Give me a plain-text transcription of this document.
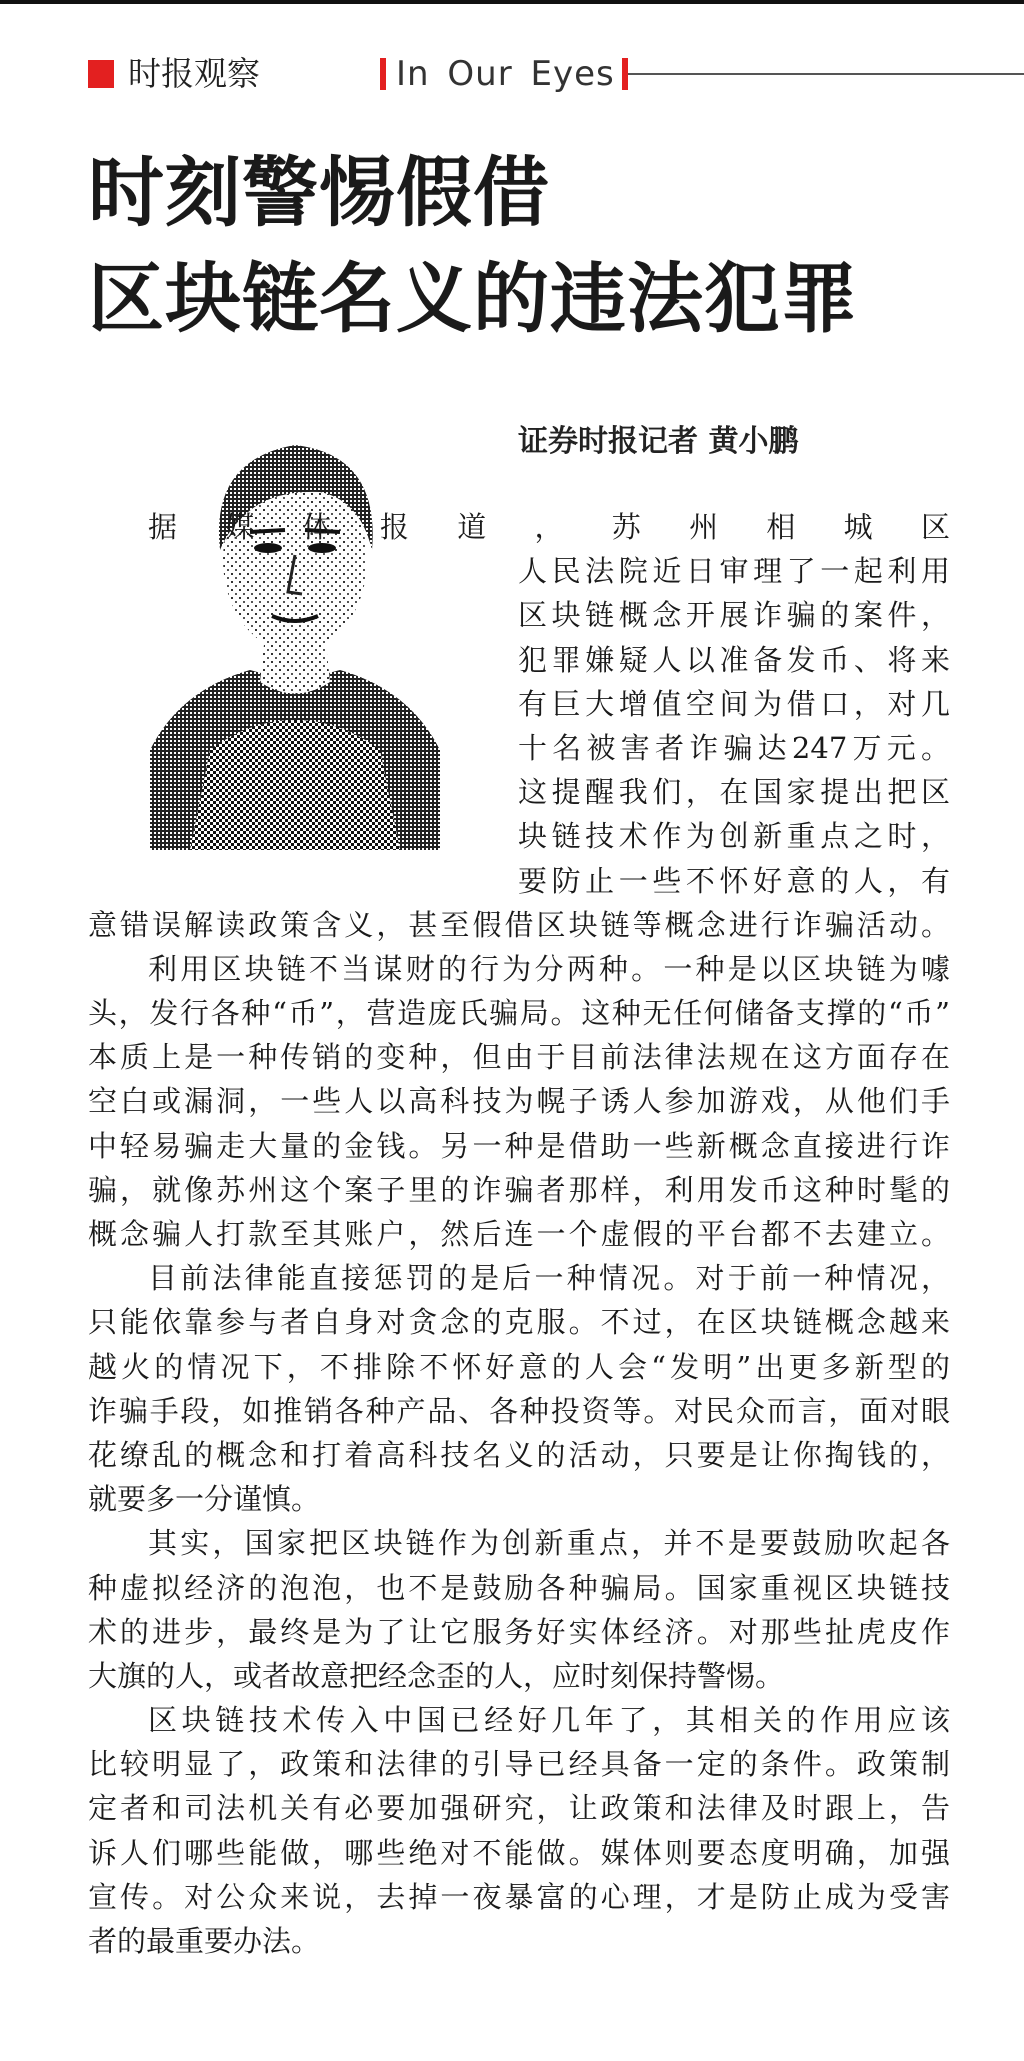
时报观察	In Our Eyes
时刻警惕假借
区块链名义的违法犯罪
证券时报记者 黄小鹏
据媒体报道，苏州相城区
人民法院近日审理了一起利用
区块链概念开展诈骗的案件，
犯罪嫌疑人以准备发币、将来
有巨大增值空间为借口，对几
十名被害者诈骗达247万元。
这提醒我们，在国家提出把区
块链技术作为创新重点之时，
要防止一些不怀好意的人，有
意错误解读政策含义，甚至假借区块链等概念进行诈骗活动。
利用区块链不当谋财的行为分两种。一种是以区块链为噱
头，发行各种“币”，营造庞氏骗局。这种无任何储备支撑的“币”
本质上是一种传销的变种，但由于目前法律法规在这方面存在
空白或漏洞，一些人以高科技为幌子诱人参加游戏，从他们手
中轻易骗走大量的金钱。另一种是借助一些新概念直接进行诈
骗，就像苏州这个案子里的诈骗者那样，利用发币这种时髦的
概念骗人打款至其账户，然后连一个虚假的平台都不去建立。
目前法律能直接惩罚的是后一种情况。对于前一种情况，
只能依靠参与者自身对贪念的克服。不过，在区块链概念越来
越火的情况下，不排除不怀好意的人会“发明”出更多新型的
诈骗手段，如推销各种产品、各种投资等。对民众而言，面对眼
花缭乱的概念和打着高科技名义的活动，只要是让你掏钱的，
就要多一分谨慎。
其实，国家把区块链作为创新重点，并不是要鼓励吹起各
种虚拟经济的泡泡，也不是鼓励各种骗局。国家重视区块链技
术的进步，最终是为了让它服务好实体经济。对那些扯虎皮作
大旗的人，或者故意把经念歪的人，应时刻保持警惕。
区块链技术传入中国已经好几年了，其相关的作用应该
比较明显了，政策和法律的引导已经具备一定的条件。政策制
定者和司法机关有必要加强研究，让政策和法律及时跟上，告
诉人们哪些能做，哪些绝对不能做。媒体则要态度明确，加强
宣传。对公众来说，去掉一夜暴富的心理，才是防止成为受害
者的最重要办法。
